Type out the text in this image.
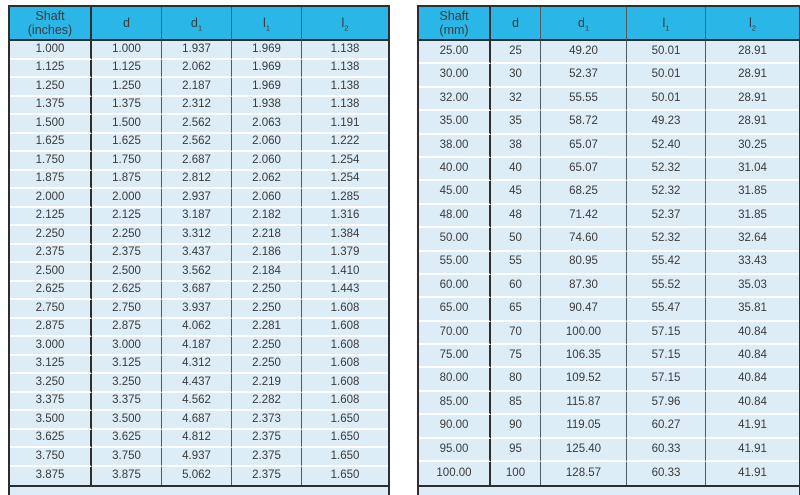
Shaft
(inches)	d	$d_1$	$l_1$	$l_2$

1.000	1.000	1.937	1.969	1.138
1.125	1.125	2.062	1.969	1.138
1.250	1.250	2.187	1.969	1.138
1.375	1.375	2.312	1.938	1.138
1.500	1.500	2.562	2.063	1.191
1.625	1.625	2.562	2.060	1.222
1.750	1.750	2.687	2.060	1.254
1.875	1.875	2.812	2.062	1.254
2.000	2.000	2.937	2.060	1.285
2.125	2.125	3.187	2.182	1.316
2.250	2.250	3.312	2.218	1.384
2.375	2.375	3.437	2.186	1.379
2.500	2.500	3.562	2.184	1.410
2.625	2.625	3.687	2.250	1.443
2.750	2.750	3.937	2.250	1.608
2.875	2.875	4.062	2.281	1.608
3.000	3.000	4.187	2.250	1.608
3.125	3.125	4.312	2.250	1.608
3.250	3.250	4.437	2.219	1.608
3.375	3.375	4.562	2.282	1.608
3.500	3.500	4.687	2.373	1.650
3.625	3.625	4.812	2.375	1.650
3.750	3.750	4.937	2.375	1.650
3.875	3.875	5.062	2.375	1.650
Shaft
(mm)	d	$d_1$	$l_1$	$l_2$

25.00	25	49.20	50.01	28.91
30.00	30	52.37	50.01	28.91
32.00	32	55.55	50.01	28.91
35.00	35	58.72	49.23	28.91
38.00	38	65.07	52.40	30.25
40.00	40	65.07	52.32	31.04
45.00	45	68.25	52.32	31.85
48.00	48	71.42	52.37	31.85
50.00	50	74.60	52.32	32.64
55.00	55	80.95	55.42	33.43
60.00	60	87.30	55.52	35.03
65.00	65	90.47	55.47	35.81
70.00	70	100.00	57.15	40.84
75.00	75	106.35	57.15	40.84
80.00	80	109.52	57.15	40.84
85.00	85	115.87	57.96	40.84
90.00	90	119.05	60.27	41.91
95.00	95	125.40	60.33	41.91
100.00	100	128.57	60.33	41.91
